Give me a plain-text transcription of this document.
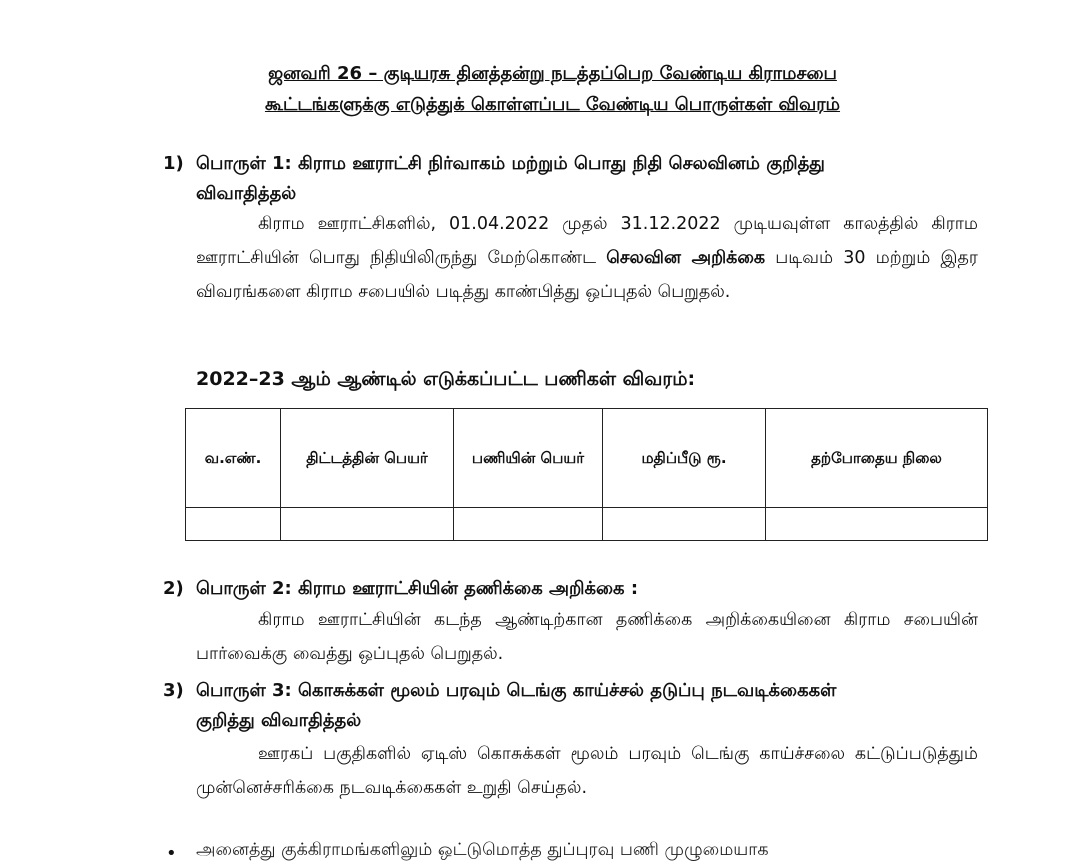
ஜனவரி 26 – குடியரசு தினத்தன்று நடத்தப்பெற வேண்டிய கிராமசபை
கூட்டங்களுக்கு எடுத்துக் கொள்ளப்பட வேண்டிய பொருள்கள் விவரம்
1) பொருள் 1: கிராம ஊராட்சி நிர்வாகம் மற்றும் பொது நிதி செலவினம் குறித்து
விவாதித்தல்
கிராம ஊராட்சிகளில், 01.04.2022 முதல் 31.12.2022 முடியவுள்ள காலத்தில் கிராம ஊராட்சியின் பொது நிதியிலிருந்து மேற்கொண்ட செலவின அறிக்கை படிவம் 30 மற்றும் இதர விவரங்களை கிராம சபையில் படித்து காண்பித்து ஒப்புதல் பெறுதல்.
2022–23 ஆம் ஆண்டில் எடுக்கப்பட்ட பணிகள் விவரம்:
வ.எண்.	திட்டத்தின் பெயர்	பணியின் பெயர்	மதிப்பீடு ரூ.	தற்போதைய நிலை

2) பொருள் 2: கிராம ஊராட்சியின் தணிக்கை அறிக்கை :
கிராம ஊராட்சியின் கடந்த ஆண்டிற்கான தணிக்கை அறிக்கையினை கிராம சபையின் பார்வைக்கு வைத்து ஒப்புதல் பெறுதல்.
3) பொருள் 3: கொசுக்கள் மூலம் பரவும் டெங்கு காய்ச்சல் தடுப்பு நடவடிக்கைகள்
குறித்து விவாதித்தல்
ஊரகப் பகுதிகளில் ஏடிஸ் கொசுக்கள் மூலம் பரவும் டெங்கு காய்ச்சலை கட்டுப்படுத்தும் முன்னெச்சரிக்கை நடவடிக்கைகள் உறுதி செய்தல்.
• அனைத்து குக்கிராமங்களிலும் ஒட்டுமொத்த துப்புரவு பணி முழுமையாக
